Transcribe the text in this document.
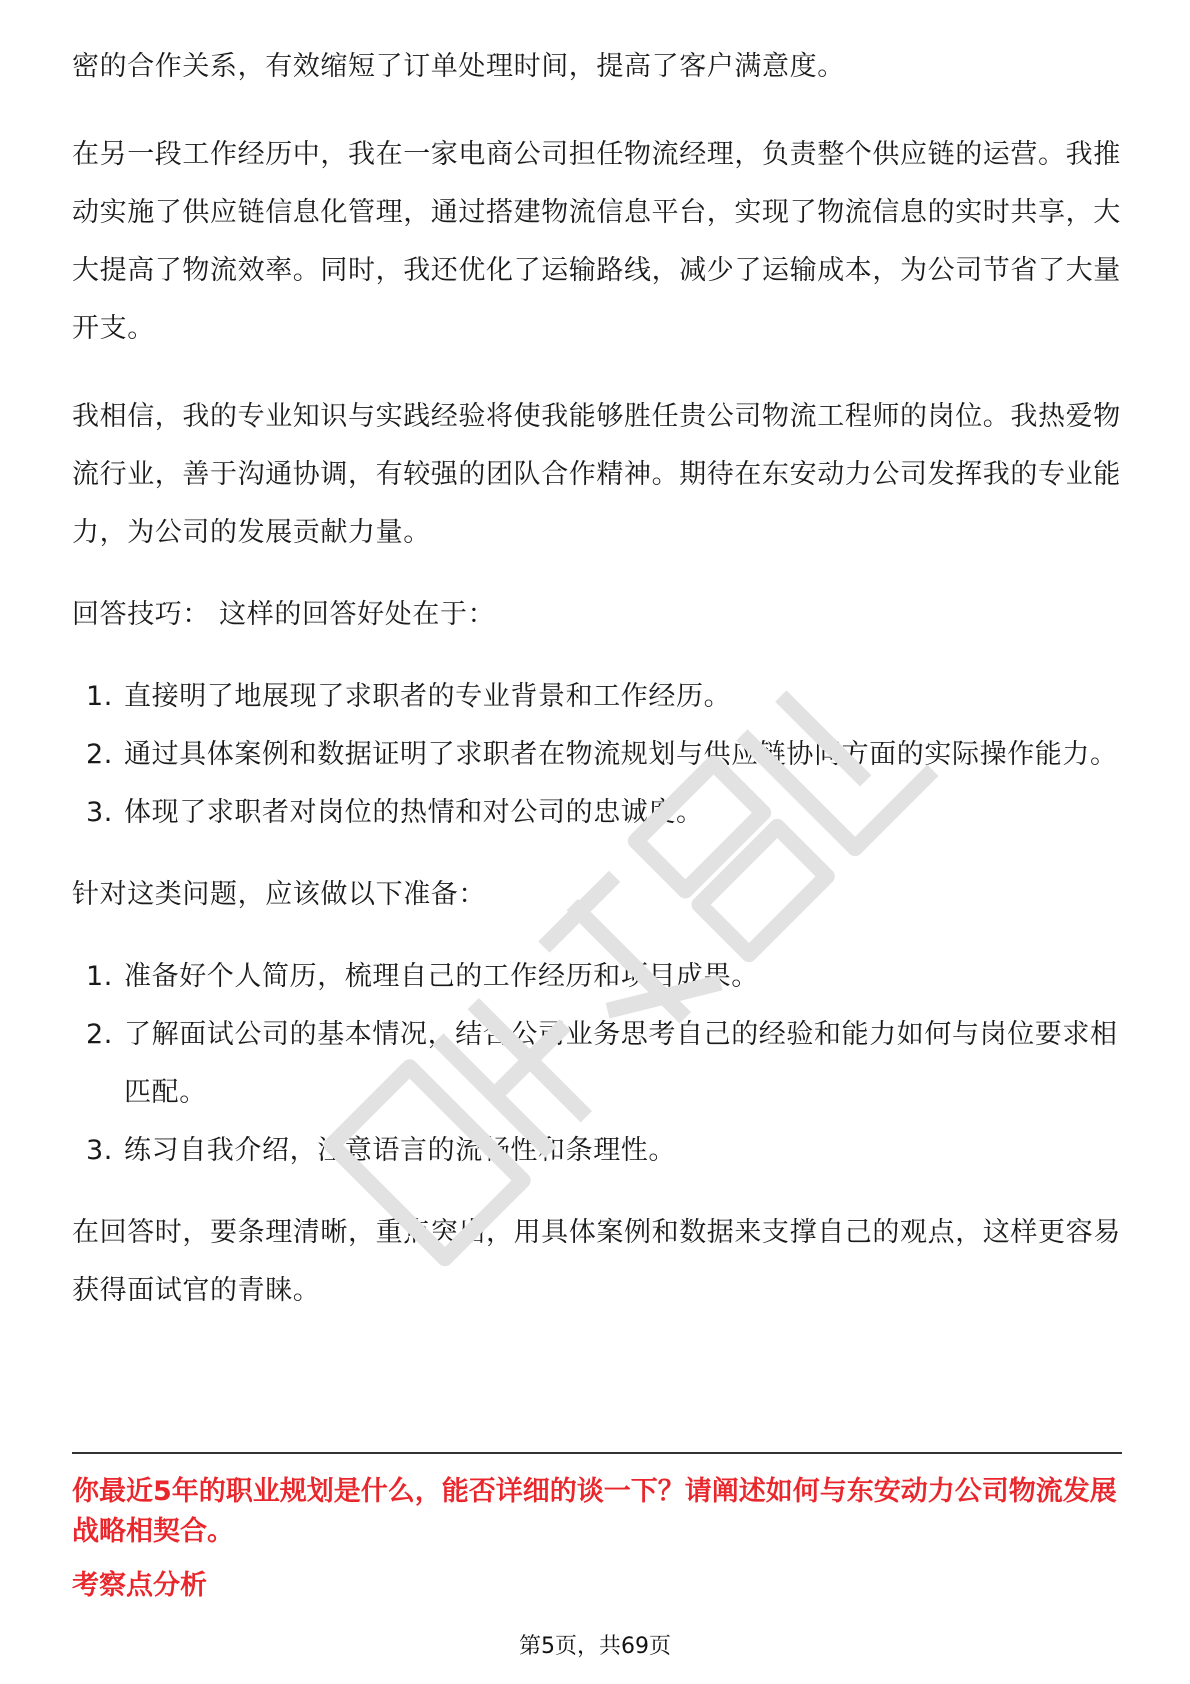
密的合作关系，有效缩短了订单处理时间，提高了客户满意度。

在另一段工作经历中，我在一家电商公司担任物流经理，负责整个供应链的运营。我推动实施了供应链信息化管理，通过搭建物流信息平台，实现了物流信息的实时共享，大大提高了物流效率。同时，我还优化了运输路线，减少了运输成本，为公司节省了大量开支。

我相信，我的专业知识与实践经验将使我能够胜任贵公司物流工程师的岗位。我热爱物流行业，善于沟通协调，有较强的团队合作精神。期待在东安动力公司发挥我的专业能力，为公司的发展贡献力量。

回答技巧： 这样的回答好处在于：

1. 直接明了地展现了求职者的专业背景和工作经历。
2. 通过具体案例和数据证明了求职者在物流规划与供应链协同方面的实际操作能力。
3. 体现了求职者对岗位的热情和对公司的忠诚度。

针对这类问题，应该做以下准备：

1. 准备好个人简历，梳理自己的工作经历和项目成果。
2. 了解面试公司的基本情况，结合公司业务思考自己的经验和能力如何与岗位要求相匹配。
3. 练习自我介绍，注意语言的流畅性和条理性。

在回答时，要条理清晰，重点突出，用具体案例和数据来支撑自己的观点，这样更容易获得面试官的青睐。

你最近5年的职业规划是什么，能否详细的谈一下？请阐述如何与东安动力公司物流发展战略相契合。

考察点分析

第5页，共69页
